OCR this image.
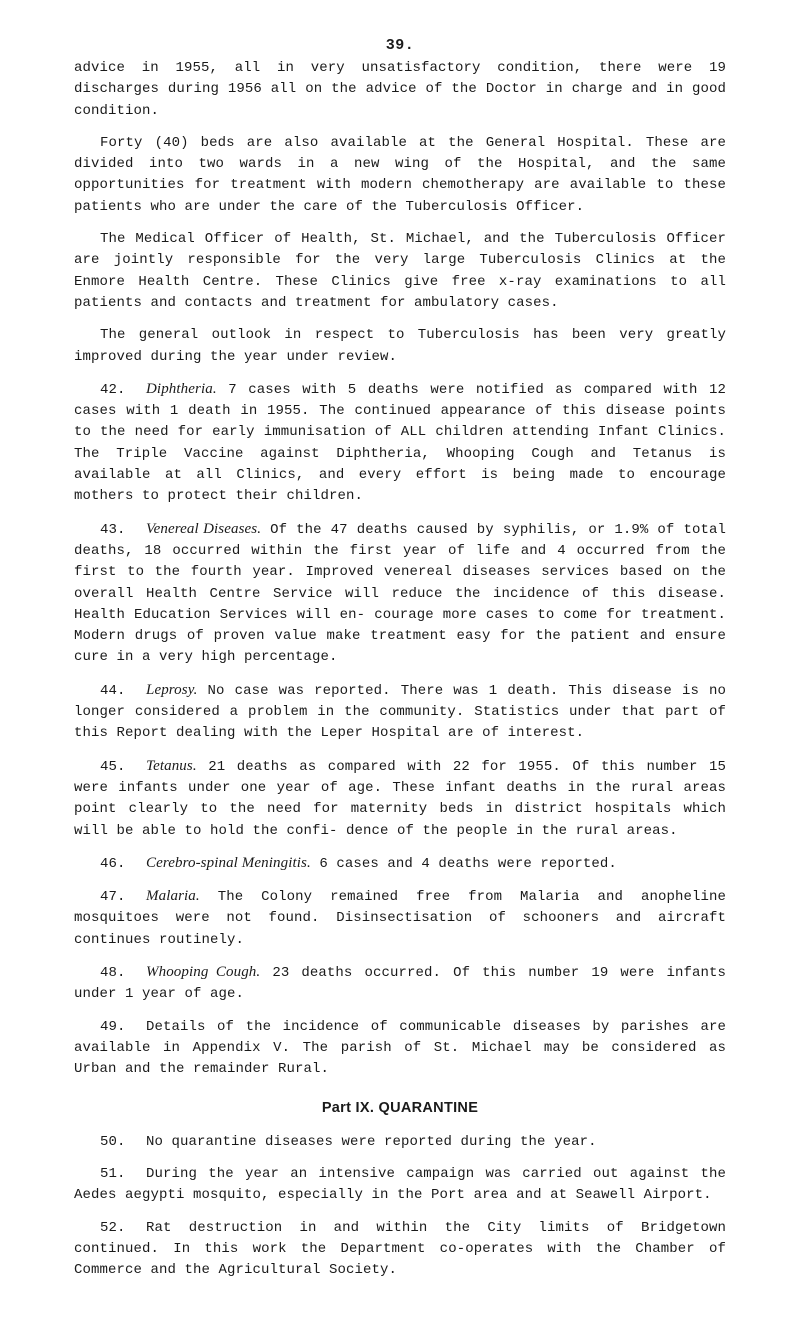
39.

advice in 1955, all in very unsatisfactory condition, there were 19 discharges during 1956 all on the advice of the Doctor in charge and in good condition.

Forty (40) beds are also available at the General Hospital. These are divided into two wards in a new wing of the Hospital, and the same opportunities for treatment with modern chemotherapy are available to these patients who are under the care of the Tuberculosis Officer.

The Medical Officer of Health, St. Michael, and the Tuberculosis Officer are jointly responsible for the very large Tuberculosis Clinics at the Enmore Health Centre. These Clinics give free x-ray examinations to all patients and contacts and treatment for ambulatory cases.

The general outlook in respect to Tuberculosis has been very greatly improved during the year under review.

42. Diphtheria. 7 cases with 5 deaths were notified as compared with 12 cases with 1 death in 1955. The continued appearance of this disease points to the need for early immunisation of ALL children attending Infant Clinics. The Triple Vaccine against Diphtheria, Whooping Cough and Tetanus is available at all Clinics, and every effort is being made to encourage mothers to protect their children.

43. Venereal Diseases. Of the 47 deaths caused by syphilis, or 1.9% of total deaths, 18 occurred within the first year of life and 4 occurred from the first to the fourth year. Improved venereal diseases services based on the overall Health Centre Service will reduce the incidence of this disease. Health Education Services will en- courage more cases to come for treatment. Modern drugs of proven value make treatment easy for the patient and ensure cure in a very high percentage.

44. Leprosy. No case was reported. There was 1 death. This disease is no longer considered a problem in the community. Statistics under that part of this Report dealing with the Leper Hospital are of interest.

45. Tetanus. 21 deaths as compared with 22 for 1955. Of this number 15 were infants under one year of age. These infant deaths in the rural areas point clearly to the need for maternity beds in district hospitals which will be able to hold the confi- dence of the people in the rural areas.

46. Cerebro-spinal Meningitis. 6 cases and 4 deaths were reported.

47. Malaria. The Colony remained free from Malaria and anopheline mosquitoes were not found. Disinsectisation of schooners and aircraft continues routinely.

48. Whooping Cough. 23 deaths occurred. Of this number 19 were infants under 1 year of age.

49. Details of the incidence of communicable diseases by parishes are available in Appendix V. The parish of St. Michael may be considered as Urban and the remainder Rural.

Part IX. QUARANTINE

50. No quarantine diseases were reported during the year.

51. During the year an intensive campaign was carried out against the Aedes aegypti mosquito, especially in the Port area and at Seawell Airport.

52. Rat destruction in and within the City limits of Bridgetown continued. In this work the Department co-operates with the Chamber of Commerce and the Agricultural Society.
